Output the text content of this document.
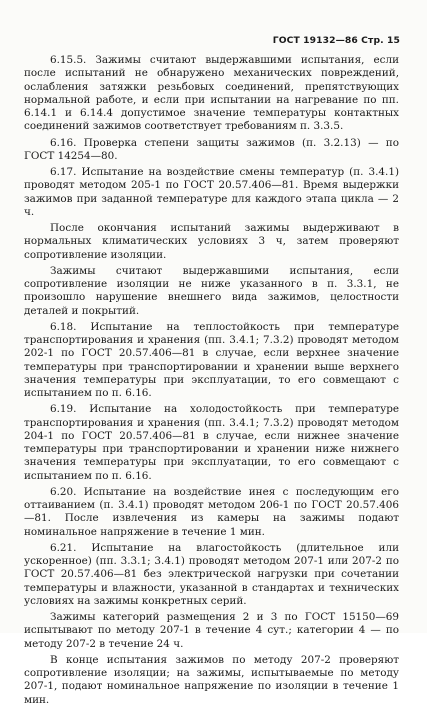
ГОСТ 19132—86 Стр. 15

6.15.5. Зажимы считают выдержавшими испытания, если после испытаний не обнаружено механических повреждений, ослабления затяжки резьбовых соединений, препятствующих нормальной работе, и если при испытании на нагревание по пп. 6.14.1 и 6.14.4 допустимое значение температуры контактных соединений зажимов соответствует требованиям п. 3.3.5.

6.16. Проверка степени защиты зажимов (п. 3.2.13) — по ГОСТ 14254—80.

6.17. Испытание на воздействие смены температур (п. 3.4.1) проводят методом 205-1 по ГОСТ 20.57.406—81. Время выдержки зажимов при заданной температуре для каждого этапа цикла — 2 ч.

После окончания испытаний зажимы выдерживают в нормальных климатических условиях 3 ч, затем проверяют сопротивление изоляции.

Зажимы считают выдержавшими испытания, если сопротивление изоляции не ниже указанного в п. 3.3.1, не произошло нарушение внешнего вида зажимов, целостности деталей и покрытий.

6.18. Испытание на теплостойкость при температуре транспортирования и хранения (пп. 3.4.1; 7.3.2) проводят методом 202-1 по ГОСТ 20.57.406—81 в случае, если верхнее значение температуры при транспортировании и хранении выше верхнего значения температуры при эксплуатации, то его совмещают с испытанием по п. 6.16.

6.19. Испытание на холодостойкость при температуре транспортирования и хранения (пп. 3.4.1; 7.3.2) проводят методом 204-1 по ГОСТ 20.57.406—81 в случае, если нижнее значение температуры при транспортировании и хранении ниже нижнего значения температуры при эксплуатации, то его совмещают с испытанием по п. 6.16.

6.20. Испытание на воздействие инея с последующим его оттаиванием (п. 3.4.1) проводят методом 206-1 по ГОСТ 20.57.406—81. После извлечения из камеры на зажимы подают номинальное напряжение в течение 1 мин.

6.21. Испытание на влагостойкость (длительное или ускоренное) (пп. 3.3.1; 3.4.1) проводят методом 207-1 или 207-2 по ГОСТ 20.57.406—81 без электрической нагрузки при сочетании температуры и влажности, указанной в стандартах и технических условиях на зажимы конкретных серий.

Зажимы категорий размещения 2 и 3 по ГОСТ 15150—69 испытывают по методу 207-1 в течение 4 сут.; категории 4 — по методу 207-2 в течение 24 ч.

В конце испытания зажимов по методу 207-2 проверяют сопротивление изоляции; на зажимы, испытываемые по методу 207-1, подают номинальное напряжение по изоляции в течение 1 мин.
